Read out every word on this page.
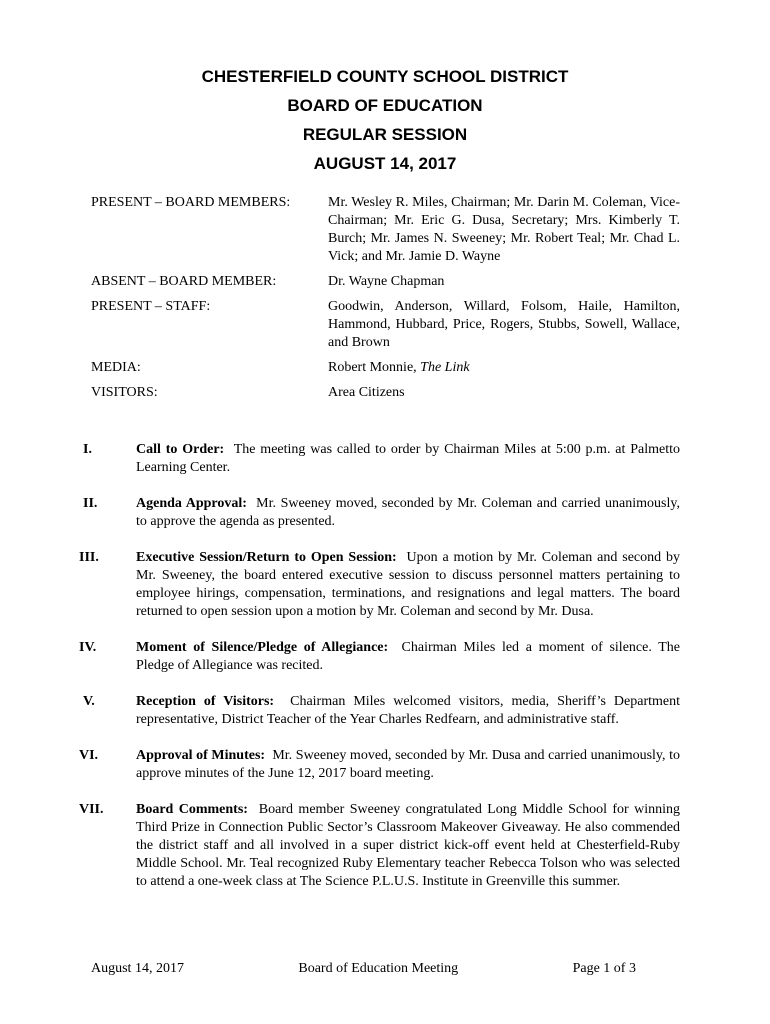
CHESTERFIELD COUNTY SCHOOL DISTRICT
BOARD OF EDUCATION
REGULAR SESSION
AUGUST 14, 2017
PRESENT – BOARD MEMBERS:	Mr. Wesley R. Miles, Chairman; Mr. Darin M. Coleman, Vice-Chairman; Mr. Eric G. Dusa, Secretary; Mrs. Kimberly T. Burch; Mr. James N. Sweeney; Mr. Robert Teal; Mr. Chad L. Vick; and Mr. Jamie D. Wayne
ABSENT – BOARD MEMBER:	Dr. Wayne Chapman
PRESENT – STAFF:	Goodwin, Anderson, Willard, Folsom, Haile, Hamilton, Hammond, Hubbard, Price, Rogers, Stubbs, Sowell, Wallace, and Brown
MEDIA:	Robert Monnie, The Link
VISITORS:	Area Citizens
I.	Call to Order: The meeting was called to order by Chairman Miles at 5:00 p.m. at Palmetto Learning Center.
II.	Agenda Approval: Mr. Sweeney moved, seconded by Mr. Coleman and carried unanimously, to approve the agenda as presented.
III.	Executive Session/Return to Open Session: Upon a motion by Mr. Coleman and second by Mr. Sweeney, the board entered executive session to discuss personnel matters pertaining to employee hirings, compensation, terminations, and resignations and legal matters. The board returned to open session upon a motion by Mr. Coleman and second by Mr. Dusa.
IV.	Moment of Silence/Pledge of Allegiance: Chairman Miles led a moment of silence. The Pledge of Allegiance was recited.
V.	Reception of Visitors: Chairman Miles welcomed visitors, media, Sheriff’s Department representative, District Teacher of the Year Charles Redfearn, and administrative staff.
VI.	Approval of Minutes: Mr. Sweeney moved, seconded by Mr. Dusa and carried unanimously, to approve minutes of the June 12, 2017 board meeting.
VII.	Board Comments: Board member Sweeney congratulated Long Middle School for winning Third Prize in Connection Public Sector’s Classroom Makeover Giveaway. He also commended the district staff and all involved in a super district kick-off event held at Chesterfield-Ruby Middle School. Mr. Teal recognized Ruby Elementary teacher Rebecca Tolson who was selected to attend a one-week class at The Science P.L.U.S. Institute in Greenville this summer.
August 14, 2017	Board of Education Meeting	Page 1 of 3
